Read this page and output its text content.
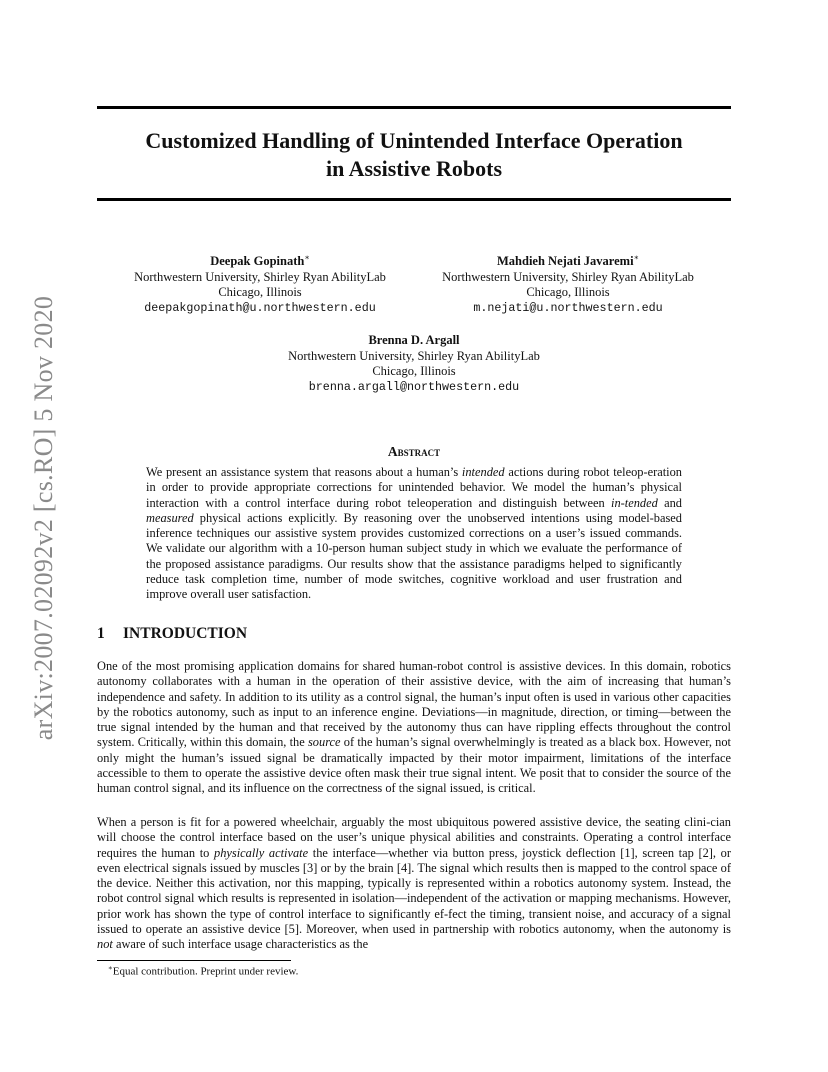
Customized Handling of Unintended Interface Operation
in Assistive Robots
arXiv:2007.02092v2 [cs.RO] 5 Nov 2020
Deepak Gopinath∗
Northwestern University, Shirley Ryan AbilityLab
Chicago, Illinois
deepakgopinath@u.northwestern.edu
Mahdieh Nejati Javaremi∗
Northwestern University, Shirley Ryan AbilityLab
Chicago, Illinois
m.nejati@u.northwestern.edu
Brenna D. Argall
Northwestern University, Shirley Ryan AbilityLab
Chicago, Illinois
brenna.argall@northwestern.edu
Abstract
We present an assistance system that reasons about a human’s intended actions during robot teleop-eration in order to provide appropriate corrections for unintended behavior. We model the human’s physical interaction with a control interface during robot teleoperation and distinguish between in-tended and measured physical actions explicitly. By reasoning over the unobserved intentions using model-based inference techniques our assistive system provides customized corrections on a user’s issued commands. We validate our algorithm with a 10-person human subject study in which we evaluate the performance of the proposed assistance paradigms. Our results show that the assistance paradigms helped to significantly reduce task completion time, number of mode switches, cognitive workload and user frustration and improve overall user satisfaction.
1 INTRODUCTION
One of the most promising application domains for shared human-robot control is assistive devices. In this domain, robotics autonomy collaborates with a human in the operation of their assistive device, with the aim of increasing that human’s independence and safety. In addition to its utility as a control signal, the human’s input often is used in various other capacities by the robotics autonomy, such as input to an inference engine. Deviations—in magnitude, direction, or timing—between the true signal intended by the human and that received by the autonomy thus can have rippling effects throughout the control system. Critically, within this domain, the source of the human’s signal overwhelmingly is treated as a black box. However, not only might the human’s issued signal be dramatically impacted by their motor impairment, limitations of the interface accessible to them to operate the assistive device often mask their true signal intent. We posit that to consider the source of the human control signal, and its influence on the correctness of the signal issued, is critical.
When a person is fit for a powered wheelchair, arguably the most ubiquitous powered assistive device, the seating clini-cian will choose the control interface based on the user’s unique physical abilities and constraints. Operating a control interface requires the human to physically activate the interface—whether via button press, joystick deflection [1], screen tap [2], or even electrical signals issued by muscles [3] or by the brain [4]. The signal which results then is mapped to the control space of the device. Neither this activation, nor this mapping, typically is represented within a robotics autonomy system. Instead, the robot control signal which results is represented in isolation—independent of the activation or mapping mechanisms. However, prior work has shown the type of control interface to significantly ef-fect the timing, transient noise, and accuracy of a signal issued to operate an assistive device [5]. Moreover, when used in partnership with robotics autonomy, when the autonomy is not aware of such interface usage characteristics as the
∗Equal contribution. Preprint under review.
